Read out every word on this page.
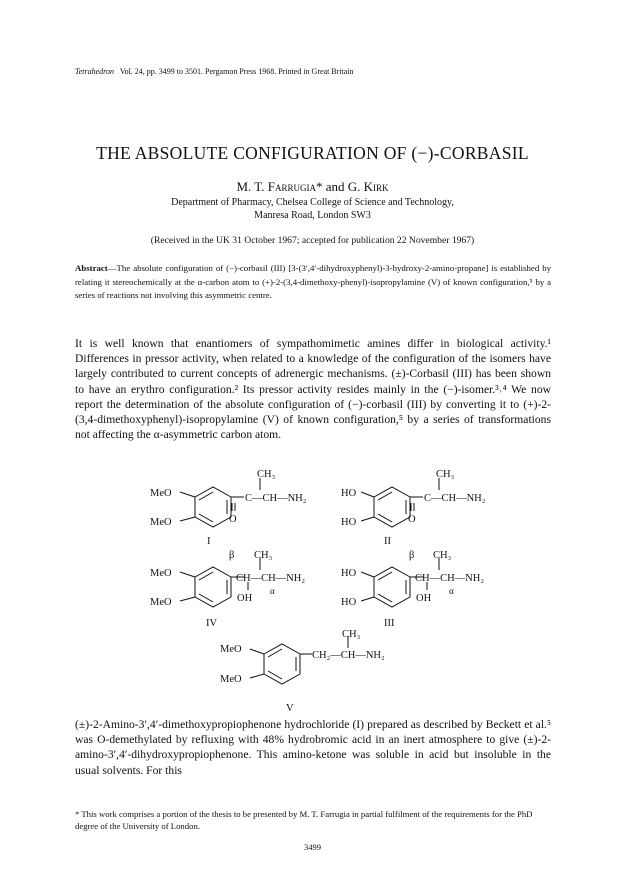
Tetrahedron Vol. 24, pp. 3499 to 3501. Pergamon Press 1968. Printed in Great Britain
THE ABSOLUTE CONFIGURATION OF (−)-CORBASIL
M. T. Farrugia* and G. Kirk
Department of Pharmacy, Chelsea College of Science and Technology,
Manresa Road, London SW3
(Received in the UK 31 October 1967; accepted for publication 22 November 1967)
Abstract—The absolute configuration of (−)-corbasil (III) [3-(3′,4′-dihydroxyphenyl)-3-hydroxy-2-amino-propane] is established by relating it stereochemically at the α-carbon atom to (+)-2-(3,4-dimethoxy-phenyl)-isopropylamine (V) of known configuration,⁵ by a series of reactions not involving this asymmetric centre.
It is well known that enantiomers of sympathomimetic amines differ in biological activity.¹ Differences in pressor activity, when related to a knowledge of the configuration of the isomers have largely contributed to current concepts of adrenergic mechanisms. (±)-Corbasil (III) has been shown to have an erythro configuration.² Its pressor activity resides mainly in the (−)-isomer.³˒⁴ We now report the determination of the absolute configuration of (−)-corbasil (III) by converting it to (+)-2-(3,4-dimethoxyphenyl)-isopropylamine (V) of known configuration,⁵ by a series of transformations not affecting the α-asymmetric carbon atom.
CH₃
MeO
MeO
C—CH—NH₂
O
I
CH₃
HO
HO
C—CH—NH₂
O
II
β CH₃
MeO
MeO
CH—CH—NH₂
OH
α
IV
β CH₃
HO
HO
CH—CH—NH₂
OH
α
III
CH₃
MeO
MeO
CH₂—CH—NH₂
V
(±)-2-Amino-3′,4′-dimethoxypropiophenone hydrochloride (I) prepared as described by Beckett et al.⁵ was O-demethylated by refluxing with 48% hydrobromic acid in an inert atmosphere to give (±)-2-amino-3′,4′-dihydroxypropiophenone. This amino-ketone was soluble in acid but insoluble in the usual solvents. For this
* This work comprises a portion of the thesis to be presented by M. T. Farrugia in partial fulfilment of the requirements for the PhD degree of the University of London.
3499
